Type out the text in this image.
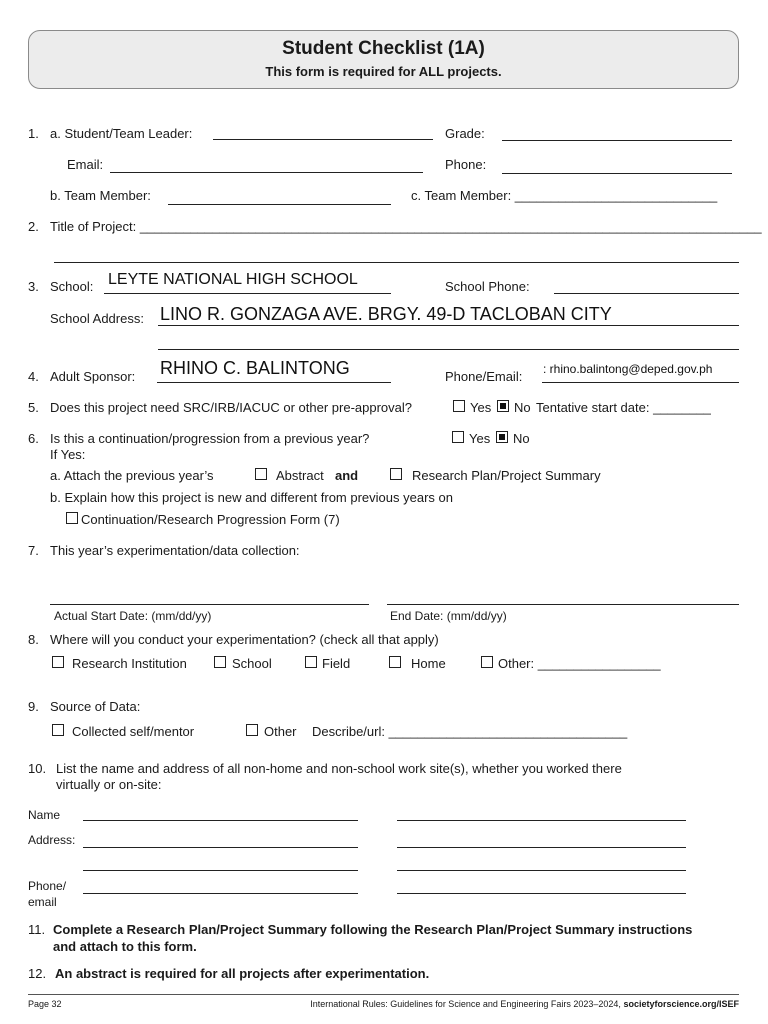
Student Checklist (1A)
This form is required for ALL projects.
1. a. Student/Team Leader:	Grade:
Email:	Phone:
b. Team Member:	c. Team Member: ____________________________
2. Title of Project: ______________________________________________________________________________________
3. School: LEYTE NATIONAL HIGH SCHOOL	School Phone:
School Address: LINO R. GONZAGA AVE. BRGY. 49-D TACLOBAN CITY
4. Adult Sponsor: RHINO C. BALINTONG	Phone/Email: : rhino.balintong@deped.gov.ph
5. Does this project need SRC/IRB/IACUC or other pre-approval?	Yes No Tentative start date: ________
6. Is this a continuation/progression from a previous year?	Yes No
If Yes:
a. Attach the previous year’s	Abstract and	Research Plan/Project Summary
b. Explain how this project is new and different from previous years on
Continuation/Research Progression Form (7)
7. This year’s experimentation/data collection:
Actual Start Date: (mm/dd/yy)	End Date: (mm/dd/yy)
8. Where will you conduct your experimentation? (check all that apply)
Research Institution	School	Field	Home	Other: _________________
9. Source of Data:
Collected self/mentor	Other Describe/url: _________________________________
10. List the name and address of all non-home and non-school work site(s), whether you worked there
virtually or on-site:
Name
Address:
Phone/
email
11. Complete a Research Plan/Project Summary following the Research Plan/Project Summary instructions
and attach to this form.
12. An abstract is required for all projects after experimentation.
Page 32	International Rules: Guidelines for Science and Engineering Fairs 2023–2024, societyforscience.org/ISEF
